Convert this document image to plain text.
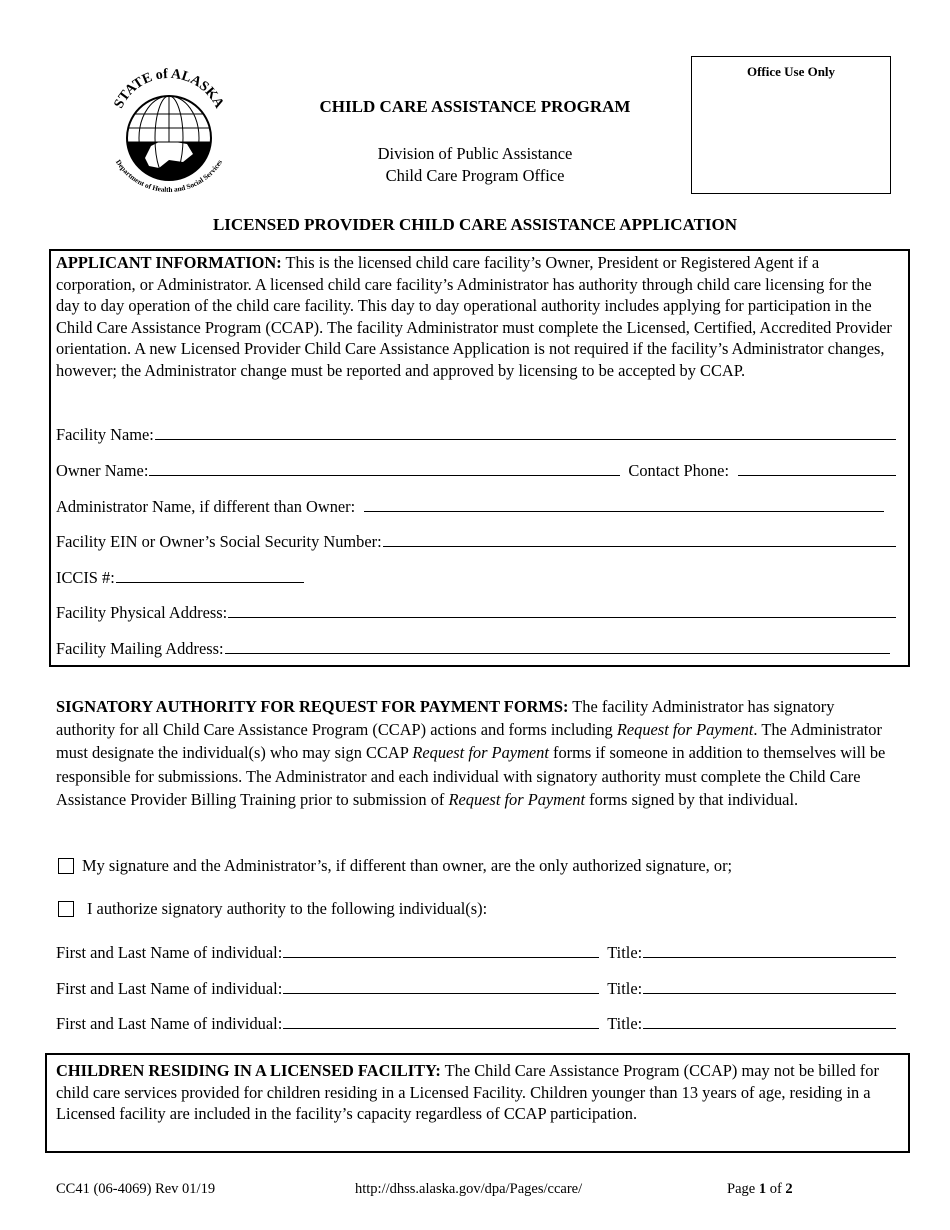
STATE of ALASKA
Department of Health and Social Services
CHILD CARE ASSISTANCE PROGRAM
Division of Public Assistance
Child Care Program Office
Office Use Only
LICENSED PROVIDER CHILD CARE ASSISTANCE APPLICATION
APPLICANT INFORMATION: This is the licensed child care facility’s Owner, President or Registered Agent if a corporation, or Administrator. A licensed child care facility’s Administrator has authority through child care licensing for the day to day operation of the child care facility. This day to day operational authority includes applying for participation in the Child Care Assistance Program (CCAP). The facility Administrator must complete the Licensed, Certified, Accredited Provider orientation. A new Licensed Provider Child Care Assistance Application is not required if the facility’s Administrator changes, however; the Administrator change must be reported and approved by licensing to be accepted by CCAP.
Facility Name:
Owner Name:	Contact Phone:
Administrator Name, if different than Owner:
Facility EIN or Owner’s Social Security Number:
ICCIS #:
Facility Physical Address:
Facility Mailing Address:
SIGNATORY AUTHORITY FOR REQUEST FOR PAYMENT FORMS: The facility Administrator has signatory authority for all Child Care Assistance Program (CCAP) actions and forms including Request for Payment. The Administrator must designate the individual(s) who may sign CCAP Request for Payment forms if someone in addition to themselves will be responsible for submissions. The Administrator and each individual with signatory authority must complete the Child Care Assistance Provider Billing Training prior to submission of Request for Payment forms signed by that individual.
My signature and the Administrator’s, if different than owner, are the only authorized signature, or;
I authorize signatory authority to the following individual(s):
First and Last Name of individual:	Title:
First and Last Name of individual:	Title:
First and Last Name of individual:	Title:
CHILDREN RESIDING IN A LICENSED FACILITY: The Child Care Assistance Program (CCAP) may not be billed for child care services provided for children residing in a Licensed Facility. Children younger than 13 years of age, residing in a Licensed facility are included in the facility’s capacity regardless of CCAP participation.
CC41 (06-4069) Rev 01/19	http://dhss.alaska.gov/dpa/Pages/ccare/	Page 1 of 2
